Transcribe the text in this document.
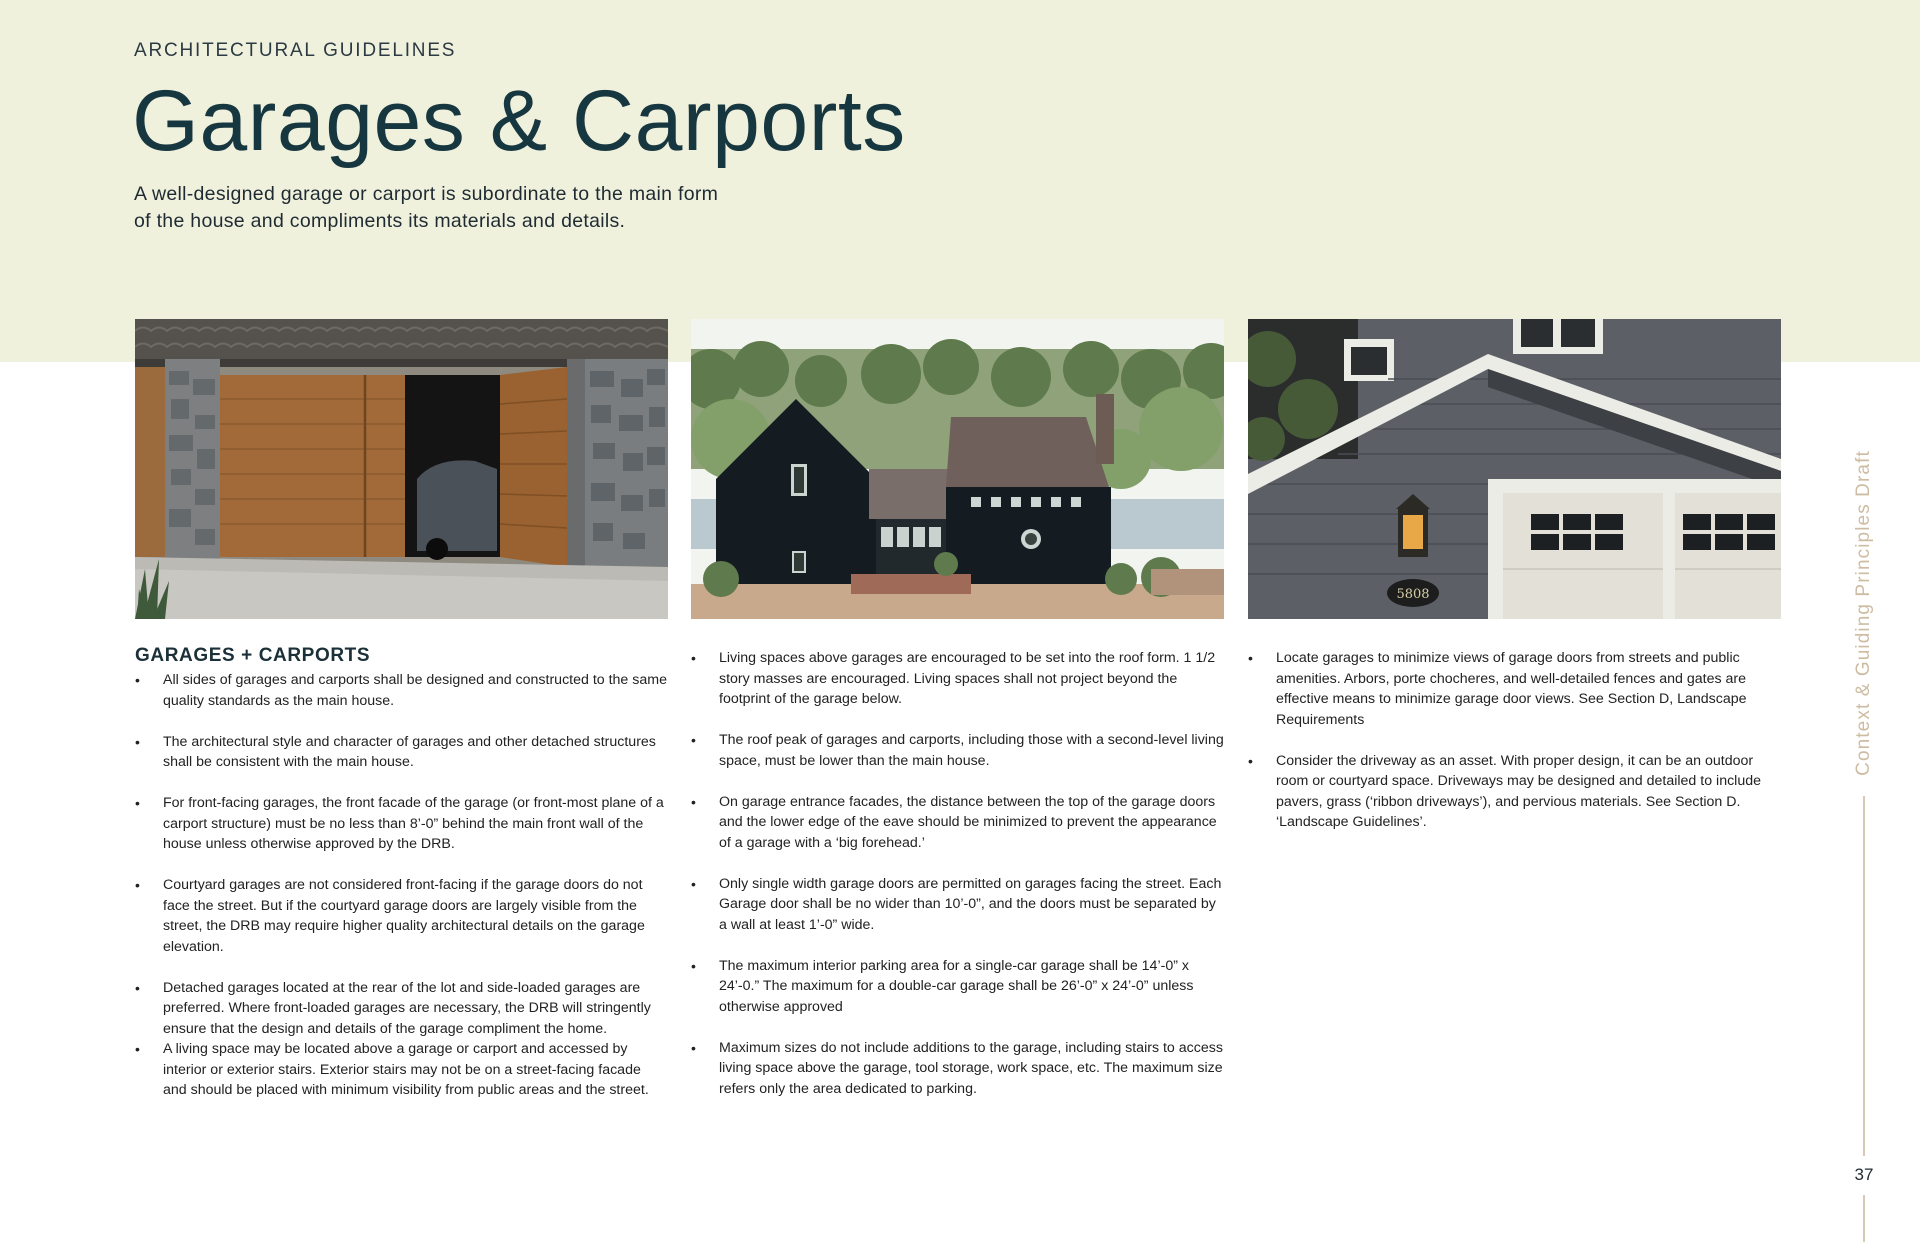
ARCHITECTURAL GUIDELINES
Garages & Carports
A well-designed garage or carport is subordinate to the main form
of the house and compliments its materials and details.
5808
GARAGES + CARPORTS
• All sides of garages and carports shall be designed and constructed to the same quality standards as the main house.
• The architectural style and character of garages and other detached structures shall be consistent with the main house.
• For front-facing garages, the front facade of the garage (or front-most plane of a carport structure) must be no less than 8’-0” behind the main front wall of the house unless otherwise approved by the DRB.
• Courtyard garages are not considered front-facing if the garage doors do not face the street. But if the courtyard garage doors are largely visible from the street, the DRB may require higher quality architectural details on the garage elevation.
• Detached garages located at the rear of the lot and side-loaded garages are preferred. Where front-loaded garages are necessary, the DRB will stringently ensure that the design and details of the garage compliment the home.
• A living space may be located above a garage or carport and accessed by interior or exterior stairs. Exterior stairs may not be on a street-facing facade and should be placed with minimum visibility from public areas and the street.
• Living spaces above garages are encouraged to be set into the roof form. 1 1/2 story masses are encouraged. Living spaces shall not project beyond the footprint of the garage below.
• The roof peak of garages and carports, including those with a second-level living space, must be lower than the main house.
• On garage entrance facades, the distance between the top of the garage doors and the lower edge of the eave should be minimized to prevent the appearance of a garage with a ‘big forehead.’
• Only single width garage doors are permitted on garages facing the street. Each Garage door shall be no wider than 10’-0”, and the doors must be separated by a wall at least 1’-0” wide.
• The maximum interior parking area for a single-car garage shall be 14’-0” x 24’-0.” The maximum for a double-car garage shall be 26’-0” x 24’-0” unless otherwise approved
• Maximum sizes do not include additions to the garage, including stairs to access living space above the garage, tool storage, work space, etc. The maximum size refers only the area dedicated to parking.
• Locate garages to minimize views of garage doors from streets and public amenities. Arbors, porte chocheres, and well-detailed fences and gates are effective means to minimize garage door views. See Section D, Landscape Requirements
• Consider the driveway as an asset. With proper design, it can be an outdoor room or courtyard space. Driveways may be designed and detailed to include pavers, grass (‘ribbon driveways’), and pervious materials. See Section D. ‘Landscape Guidelines’.
Context & Guiding Principles Draft
37
